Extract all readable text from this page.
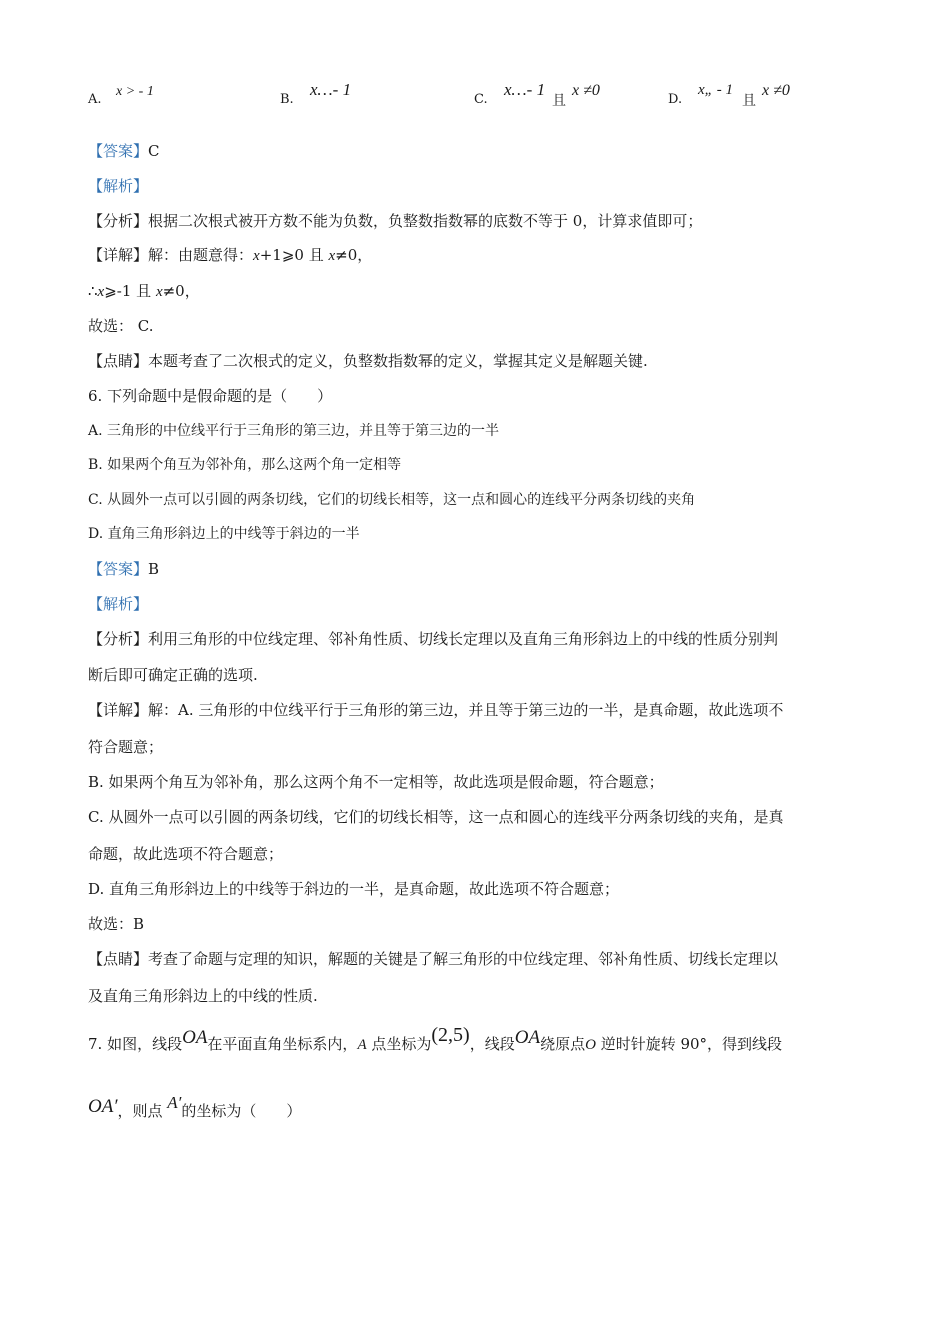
A.
x > - 1
B.
x…- 1
C.
x…- 1
且
x ≠0
D.
x„ - 1
且
x ≠0
【答案】C
【解析】
【分析】根据二次根式被开方数不能为负数，负整数指数幂的底数不等于 0，计算求值即可；
【详解】解：由题意得：x+1⩾0 且 x≠0，
∴x⩾-1 且 x≠0，
故选： C.
【点睛】本题考查了二次根式的定义，负整数指数幂的定义，掌握其定义是解题关键.
6. 下列命题中是假命题的是（　　）
A. 三角形的中位线平行于三角形的第三边，并且等于第三边的一半
B. 如果两个角互为邻补角，那么这两个角一定相等
C. 从圆外一点可以引圆的两条切线，它们的切线长相等，这一点和圆心的连线平分两条切线的夹角
D. 直角三角形斜边上的中线等于斜边的一半
【答案】B
【解析】
【分析】利用三角形的中位线定理、邻补角性质、切线长定理以及直角三角形斜边上的中线的性质分别判
断后即可确定正确的选项.
【详解】解：A. 三角形的中位线平行于三角形的第三边，并且等于第三边的一半，是真命题，故此选项不
符合题意；
B. 如果两个角互为邻补角，那么这两个角不一定相等，故此选项是假命题，符合题意；
C. 从圆外一点可以引圆的两条切线，它们的切线长相等，这一点和圆心的连线平分两条切线的夹角，是真
命题，故此选项不符合题意；
D. 直角三角形斜边上的中线等于斜边的一半，是真命题，故此选项不符合题意；
故选：B
【点睛】考查了命题与定理的知识，解题的关键是了解三角形的中位线定理、邻补角性质、切线长定理以
及直角三角形斜边上的中线的性质.
7. 如图，线段OA在平面直角坐标系内，A 点坐标为(2,5)，线段OA绕原点O 逆时针旋转 90°，得到线段
OA′，则点 A′的坐标为（　　）
